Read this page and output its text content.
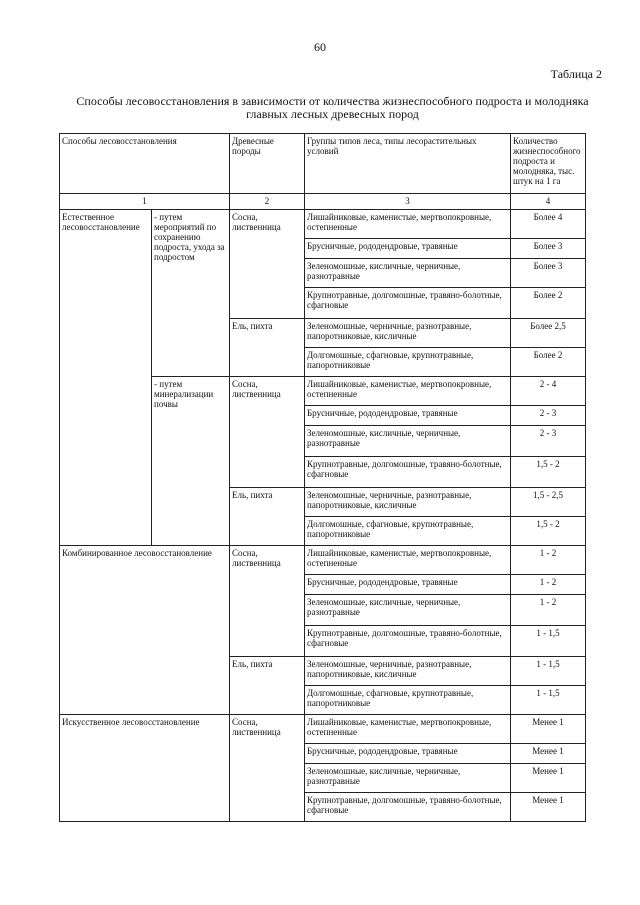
60
Таблица 2
Способы лесовосстановления в зависимости от количества жизнеспособного подроста и молодняка
главных лесных древесных пород
Способы лесовосстановления		Древесные породы	Группы типов леса, типы лесорастительных условий	Количество жизнеспособного подроста и молодняка, тыс. штук на 1 га
1		2	3	4
Естественное лесовосстановление	- путем мероприятий по сохранению подроста, ухода за подростом	Сосна, лиственница	Лишайниковые, каменистые, мертвопокровные, остепненные	Более 4
			Брусничные, рододендровые, травяные	Более 3
			Зеленомошные, кисличные, черничные, разнотравные	Более 3
			Крупнотравные, долгомошные, травяно-болотные, сфагновые	Более 2
		Ель, пихта	Зеленомошные, черничные, разнотравные, папоротниковые, кисличные	Более 2,5
			Долгомошные, сфагновые, крупнотравные, папоротниковые	Более 2
	- путем минерализации почвы	Сосна, лиственница	Лишайниковые, каменистые, мертвопокровные, остепненные	2 - 4
			Брусничные, рододендровые, травяные	2 - 3
			Зеленомошные, кисличные, черничные, разнотравные	2 - 3
			Крупнотравные, долгомошные, травяно-болотные, сфагновые	1,5 - 2
		Ель, пихта	Зеленомошные, черничные, разнотравные, папоротниковые, кисличные	1,5 - 2,5
			Долгомошные, сфагновые, крупнотравные, папоротниковые	1,5 - 2
Комбинированное лесовосстановление		Сосна, лиственница	Лишайниковые, каменистые, мертвопокровные, остепненные	1 - 2
			Брусничные, рододендровые, травяные	1 - 2
			Зеленомошные, кисличные, черничные, разнотравные	1 - 2
			Крупнотравные, долгомошные, травяно-болотные, сфагновые	1 - 1,5
		Ель, пихта	Зеленомошные, черничные, разнотравные, папоротниковые, кисличные	1 - 1,5
			Долгомошные, сфагновые, крупнотравные, папоротниковые	1 - 1,5
Искусственное лесовосстановление		Сосна, лиственница	Лишайниковые, каменистые, мертвопокровные, остепненные	Менее 1
			Брусничные, рододендровые, травяные	Менее 1
			Зеленомошные, кисличные, черничные, разнотравные	Менее 1
			Крупнотравные, долгомошные, травяно-болотные, сфагновые	Менее 1
